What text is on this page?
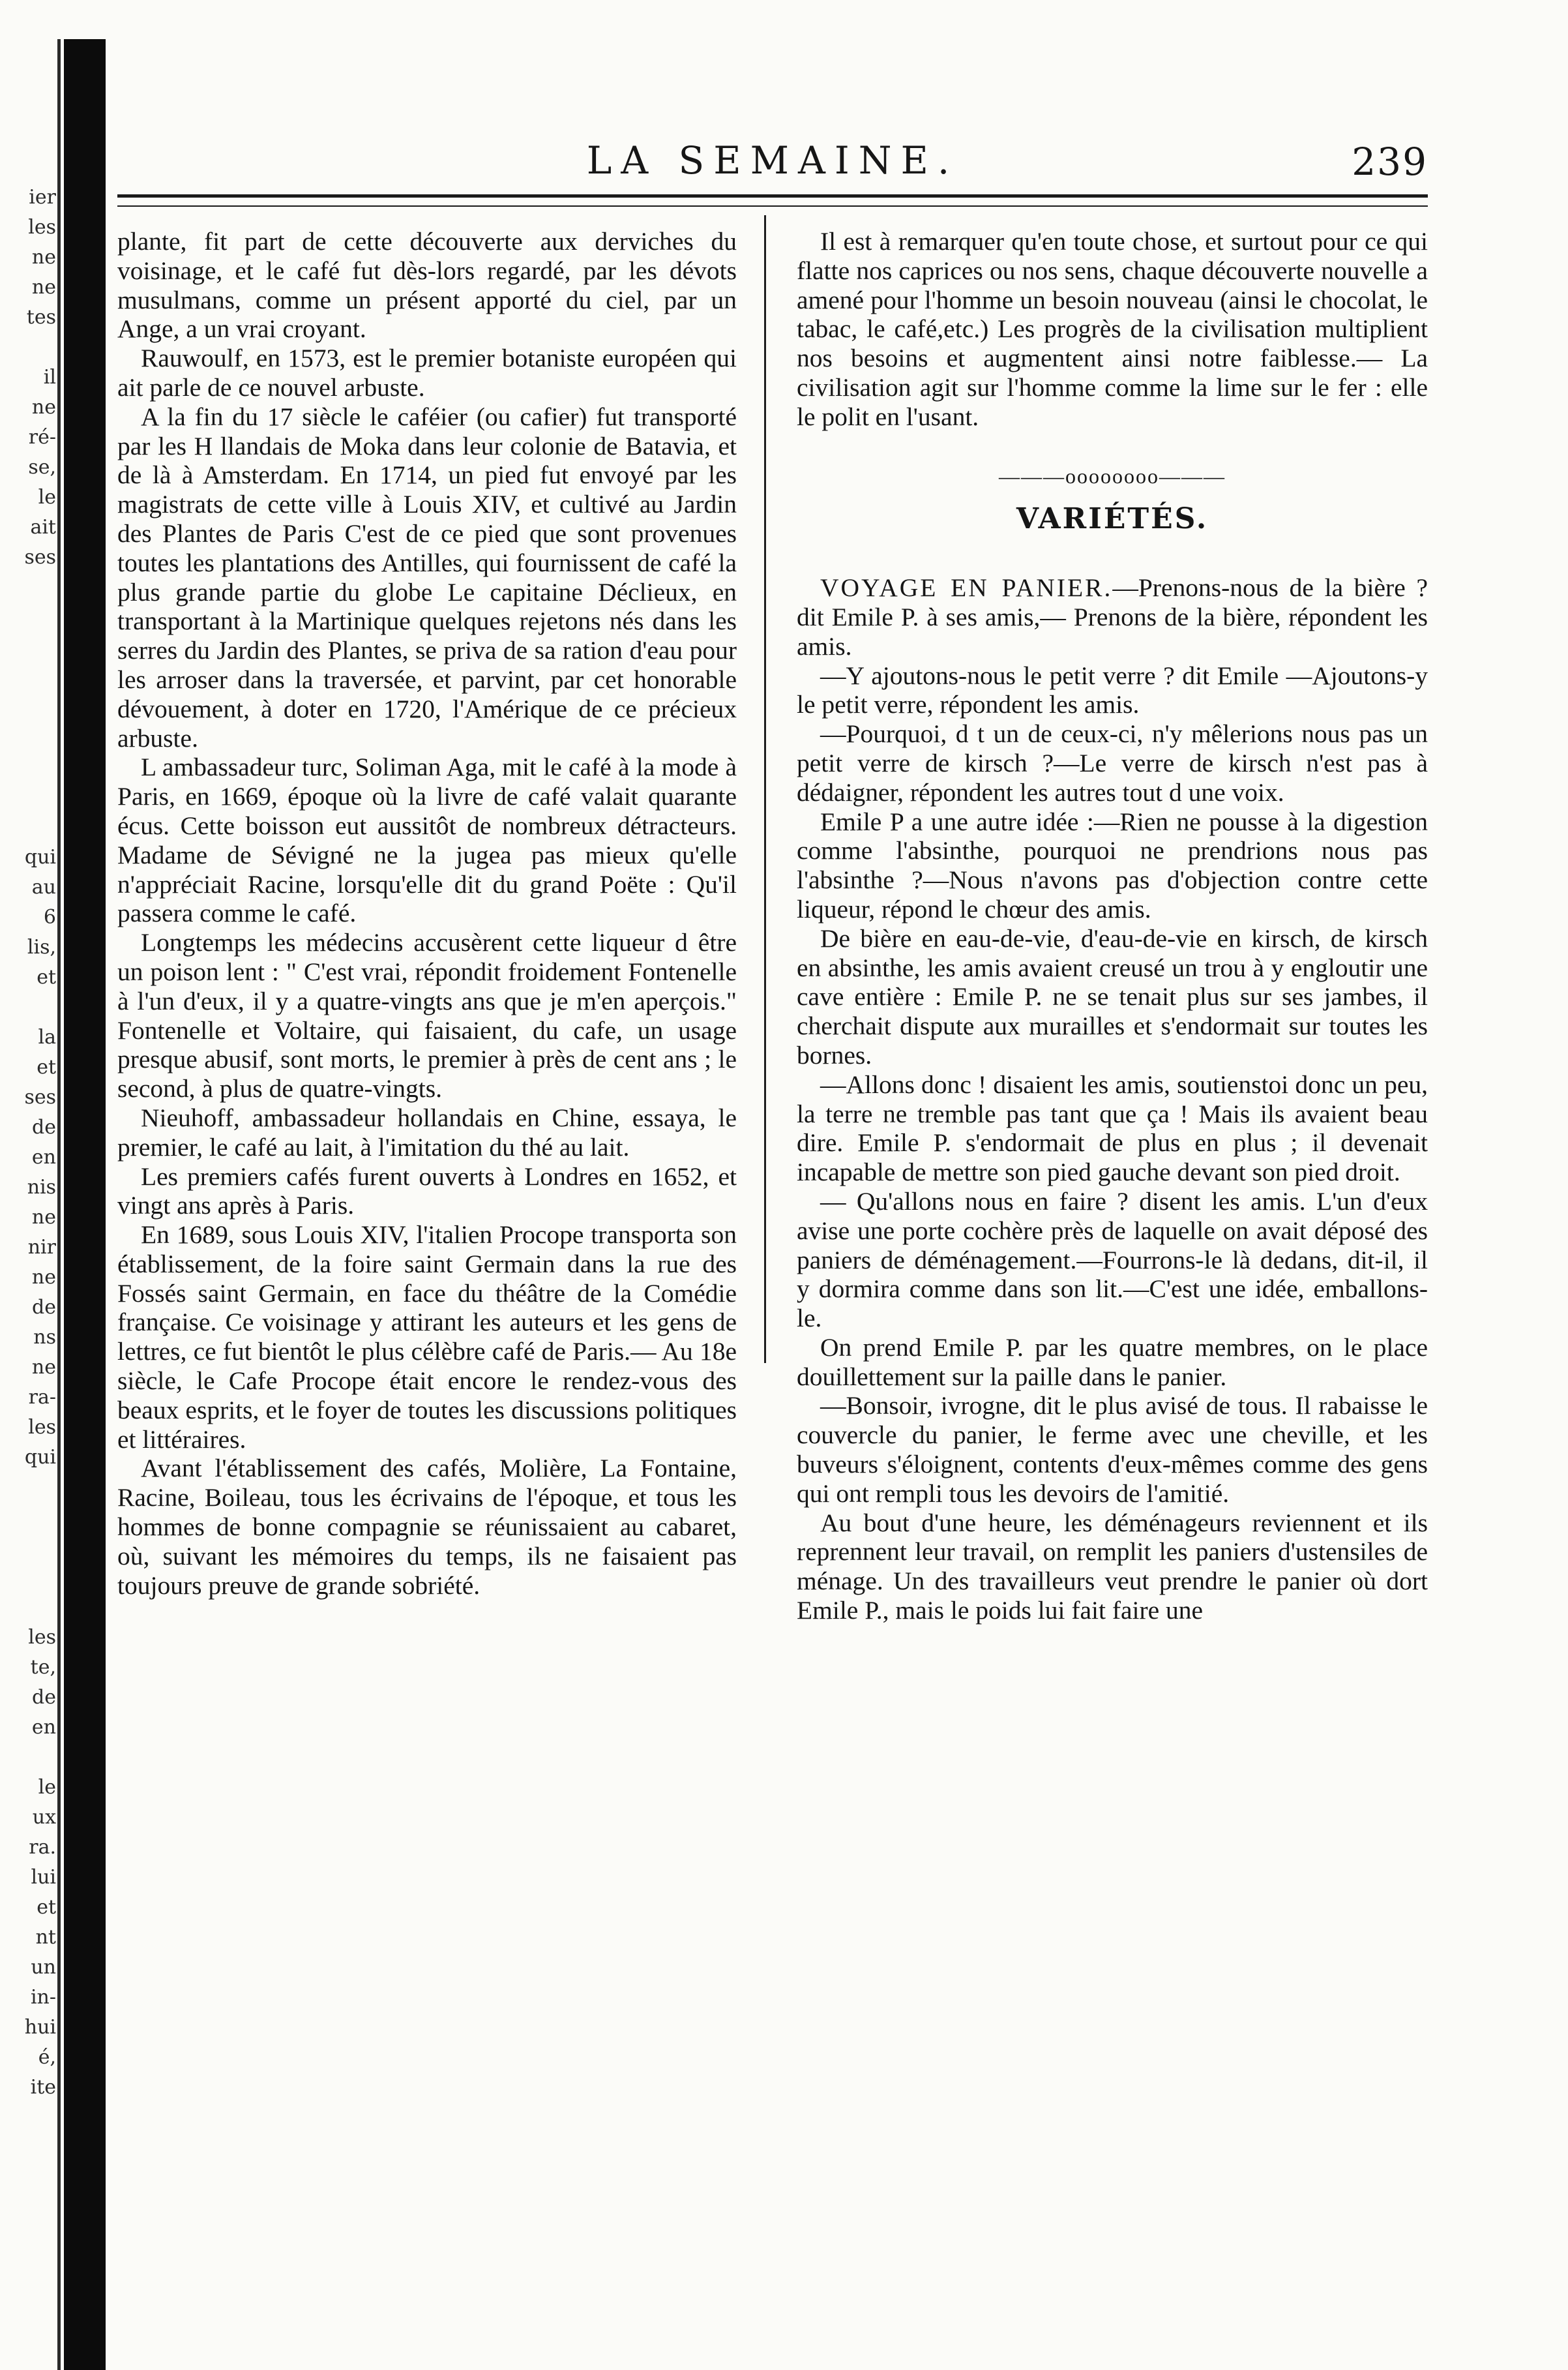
ier
les
ne
ne
tes
il
ne
ré-
se,
le
ait
ses
qui
au
6
lis,
et
la
et
ses
de
en
nis
ne
nir
ne
de
ns
ne
ra-
les
qui
les
te,
de
en
le
ux
ra.
lui
et
nt
un
in-
hui
é,
ite
LA SEMAINE.	239

plante, fit part de cette découverte aux derviches du voisinage, et le café fut dès-lors regardé, par les dévots musulmans, comme un présent apporté du ciel, par un Ange, a un vrai croyant.

Rauwoulf, en 1573, est le premier botaniste européen qui ait parle de ce nouvel arbuste.

A la fin du 17 siècle le caféier (ou cafier) fut transporté par les H llandais de Moka dans leur colonie de Batavia, et de là à Amsterdam. En 1714, un pied fut envoyé par les magistrats de cette ville à Louis XIV, et cultivé au Jardin des Plantes de Paris C'est de ce pied que sont provenues toutes les plantations des Antilles, qui fournissent de café la plus grande partie du globe Le capitaine Déclieux, en transportant à la Martinique quelques rejetons nés dans les serres du Jardin des Plantes, se priva de sa ration d'eau pour les arroser dans la traversée, et parvint, par cet honorable dévouement, à doter en 1720, l'Amérique de ce précieux arbuste.

L ambassadeur turc, Soliman Aga, mit le café à la mode à Paris, en 1669, époque où la livre de café valait quarante écus. Cette boisson eut aussitôt de nombreux détracteurs. Madame de Sévigné ne la jugea pas mieux qu'elle n'appréciait Racine, lorsqu'elle dit du grand Poëte : Qu'il passera comme le café.

Longtemps les médecins accusèrent cette liqueur d être un poison lent : " C'est vrai, répondit froidement Fontenelle à l'un d'eux, il y a quatre-vingts ans que je m'en aperçois." Fontenelle et Voltaire, qui faisaient, du cafe, un usage presque abusif, sont morts, le premier à près de cent ans ; le second, à plus de quatre-vingts.

Nieuhoff, ambassadeur hollandais en Chine, essaya, le premier, le café au lait, à l'imitation du thé au lait.

Les premiers cafés furent ouverts à Londres en 1652, et vingt ans après à Paris.

En 1689, sous Louis XIV, l'italien Procope transporta son établissement, de la foire saint Germain dans la rue des Fossés saint Germain, en face du théâtre de la Comédie française. Ce voisinage y attirant les auteurs et les gens de lettres, ce fut bientôt le plus célèbre café de Paris.— Au 18e siècle, le Cafe Procope était encore le rendez-vous des beaux esprits, et le foyer de toutes les discussions politiques et littéraires.

Avant l'établissement des cafés, Molière, La Fontaine, Racine, Boileau, tous les écrivains de l'époque, et tous les hommes de bonne compagnie se réunissaient au cabaret, où, suivant les mémoires du temps, ils ne faisaient pas toujours preuve de grande sobriété.

Il est à remarquer qu'en toute chose, et surtout pour ce qui flatte nos caprices ou nos sens, chaque découverte nouvelle a amené pour l'homme un besoin nouveau (ainsi le chocolat, le tabac, le café,etc.) Les progrès de la civilisation multiplient nos besoins et augmentent ainsi notre faiblesse.— La civilisation agit sur l'homme comme la lime sur le fer : elle le polit en l'usant.

———oooooooo———
VARIÉTÉS.

VOYAGE EN PANIER.—Prenons-nous de la bière ? dit Emile P. à ses amis,— Prenons de la bière, répondent les amis.

—Y ajoutons-nous le petit verre ? dit Emile —Ajoutons-y le petit verre, répondent les amis.

—Pourquoi, d t un de ceux-ci, n'y mêlerions nous pas un petit verre de kirsch ?—Le verre de kirsch n'est pas à dédaigner, répondent les autres tout d une voix.

Emile P a une autre idée :—Rien ne pousse à la digestion comme l'absinthe, pourquoi ne prendrions nous pas l'absinthe ?—Nous n'avons pas d'objection contre cette liqueur, répond le chœur des amis.

De bière en eau-de-vie, d'eau-de-vie en kirsch, de kirsch en absinthe, les amis avaient creusé un trou à y engloutir une cave entière : Emile P. ne se tenait plus sur ses jambes, il cherchait dispute aux murailles et s'endormait sur toutes les bornes.

—Allons donc ! disaient les amis, soutienstoi donc un peu, la terre ne tremble pas tant que ça ! Mais ils avaient beau dire. Emile P. s'endormait de plus en plus ; il devenait incapable de mettre son pied gauche devant son pied droit.

— Qu'allons nous en faire ? disent les amis. L'un d'eux avise une porte cochère près de laquelle on avait déposé des paniers de déménagement.—Fourrons-le là dedans, dit-il, il y dormira comme dans son lit.—C'est une idée, emballons-le.

On prend Emile P. par les quatre membres, on le place douillettement sur la paille dans le panier.

—Bonsoir, ivrogne, dit le plus avisé de tous. Il rabaisse le couvercle du panier, le ferme avec une cheville, et les buveurs s'éloignent, contents d'eux-mêmes comme des gens qui ont rempli tous les devoirs de l'amitié.

Au bout d'une heure, les déménageurs reviennent et ils reprennent leur travail, on remplit les paniers d'ustensiles de ménage. Un des travailleurs veut prendre le panier où dort Emile P., mais le poids lui fait faire une
